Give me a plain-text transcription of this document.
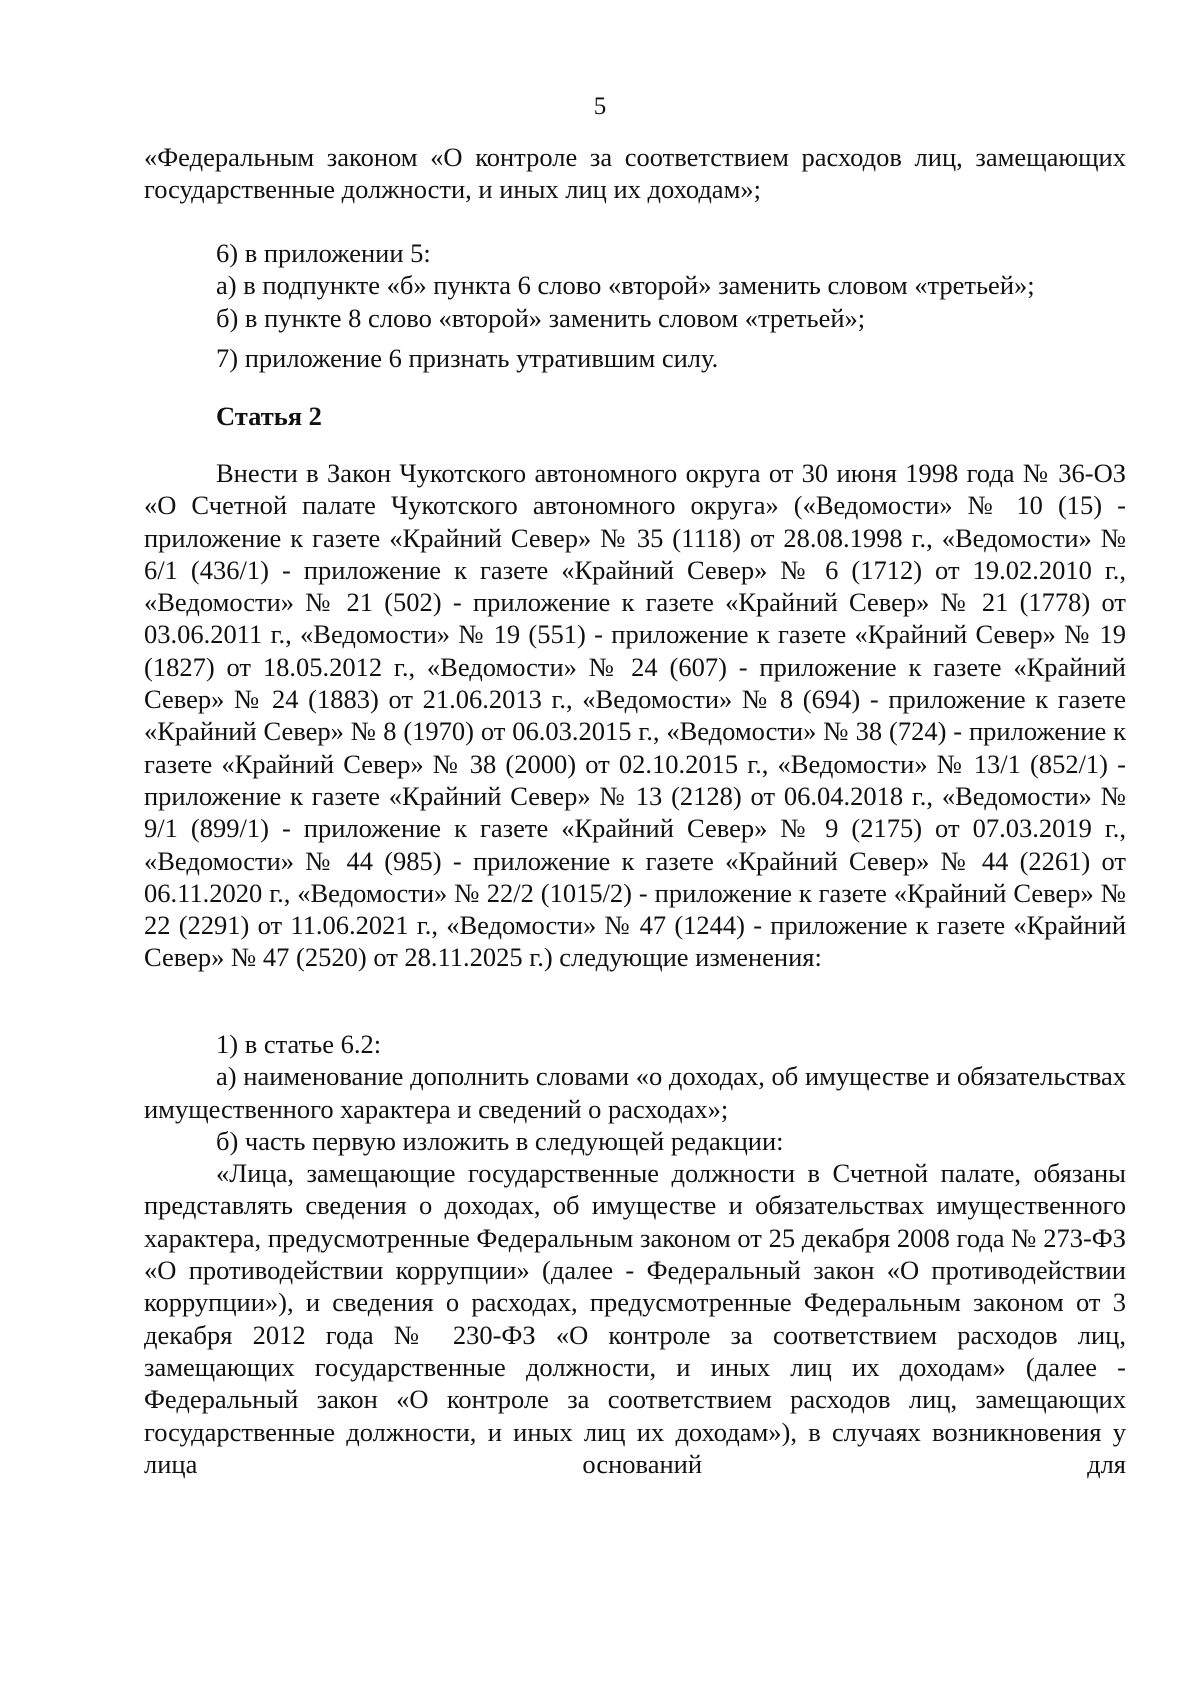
5

«Федеральным законом «О контроле за соответствием расходов лиц, замещающих государственные должности, и иных лиц их доходам»;

6) в приложении 5:

а) в подпункте «б» пункта 6 слово «второй» заменить словом «третьей»;

б) в пункте 8 слово «второй» заменить словом «третьей»;

7) приложение 6 признать утратившим силу.

Статья 2

Внести в Закон Чукотского автономного округа от 30 июня 1998 года № 36-ОЗ «О Счетной палате Чукотского автономного округа» («Ведомости» № 10 (15) - приложение к газете «Крайний Север» № 35 (1118) от 28.08.1998 г., «Ведомости» № 6/1 (436/1) - приложение к газете «Крайний Север» № 6 (1712) от 19.02.2010 г., «Ведомости» № 21 (502) - приложение к газете «Крайний Север» № 21 (1778) от 03.06.2011 г., «Ведомости» № 19 (551) - приложение к газете «Крайний Север» № 19 (1827) от 18.05.2012 г., «Ведомости» № 24 (607) - приложение к газете «Крайний Север» № 24 (1883) от 21.06.2013 г., «Ведомости» № 8 (694) - приложение к газете «Крайний Север» № 8 (1970) от 06.03.2015 г., «Ведомости» № 38 (724) - приложение к газете «Крайний Север» № 38 (2000) от 02.10.2015 г., «Ведомости» № 13/1 (852/1) - приложение к газете «Крайний Север» № 13 (2128) от 06.04.2018 г., «Ведомости» № 9/1 (899/1) - приложение к газете «Крайний Север» № 9 (2175) от 07.03.2019 г., «Ведомости» № 44 (985) - приложение к газете «Крайний Север» № 44 (2261) от 06.11.2020 г., «Ведомости» № 22/2 (1015/2) - приложение к газете «Крайний Север» № 22 (2291) от 11.06.2021 г., «Ведомости» № 47 (1244) - приложение к газете «Крайний Север» № 47 (2520) от 28.11.2025 г.) следующие изменения:

1) в статье 6.2:

а) наименование дополнить словами «о доходах, об имуществе и обязательствах имущественного характера и сведений о расходах»;

б) часть первую изложить в следующей редакции:

«Лица, замещающие государственные должности в Счетной палате, обязаны представлять сведения о доходах, об имуществе и обязательствах имущественного характера, предусмотренные Федеральным законом от 25 декабря 2008 года № 273-ФЗ «О противодействии коррупции» (далее - Федеральный закон «О противодействии коррупции»), и сведения о расходах, предусмотренные Федеральным законом от 3 декабря 2012 года № 230-ФЗ «О контроле за соответствием расходов лиц, замещающих государственные должности, и иных лиц их доходам» (далее - Федеральный закон «О контроле за соответствием расходов лиц, замещающих государственные должности, и иных лиц их доходам»), в случаях возникновения у лица оснований для
